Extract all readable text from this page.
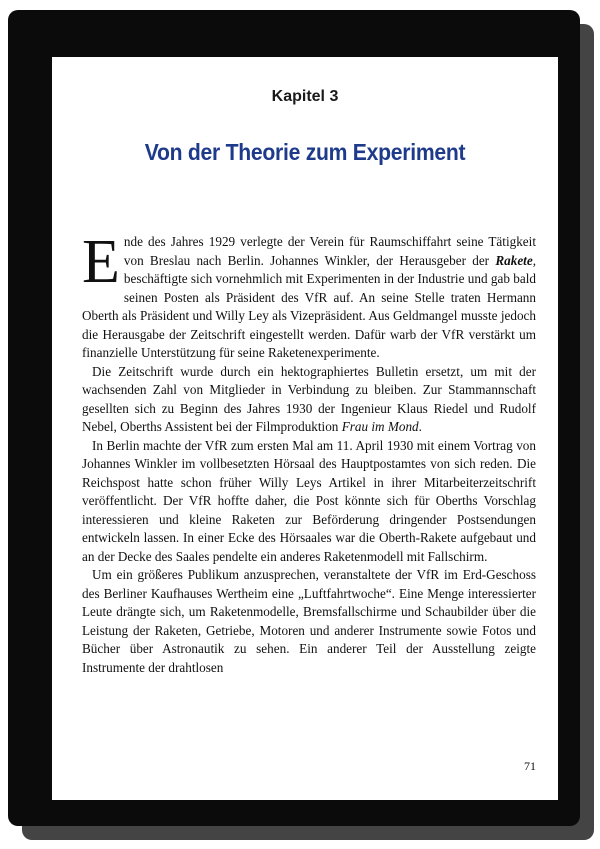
Kapitel 3
Von der Theorie zum Experiment

Ende des Jahres 1929 verlegte der Verein für Raumschiffahrt seine Tätigkeit von Breslau nach Berlin. Johannes Winkler, der Herausgeber der Rakete, beschäftigte sich vornehmlich mit Experimenten in der Industrie und gab bald seinen Posten als Präsident des VfR auf. An seine Stelle traten Hermann Oberth als Präsident und Willy Ley als Vizepräsident. Aus Geldmangel musste jedoch die Herausgabe der Zeitschrift eingestellt werden. Dafür warb der VfR verstärkt um finanzielle Unterstützung für seine Raketenexperimente.

Die Zeitschrift wurde durch ein hektographiertes Bulletin ersetzt, um mit der wachsenden Zahl von Mitglieder in Verbindung zu bleiben. Zur Stammannschaft gesellten sich zu Beginn des Jahres 1930 der Ingenieur Klaus Riedel und Rudolf Nebel, Oberths Assistent bei der Filmproduktion Frau im Mond.

In Berlin machte der VfR zum ersten Mal am 11. April 1930 mit einem Vortrag von Johannes Winkler im vollbesetzten Hörsaal des Hauptpostamtes von sich reden. Die Reichspost hatte schon früher Willy Leys Artikel in ihrer Mitarbeiterzeitschrift veröffentlicht. Der VfR hoffte daher, die Post könnte sich für Oberths Vorschlag interessieren und kleine Raketen zur Beförderung dringender Postsendungen entwickeln lassen. In einer Ecke des Hörsaales war die Oberth-Rakete aufgebaut und an der Decke des Saales pendelte ein anderes Raketenmodell mit Fallschirm.

Um ein größeres Publikum anzusprechen, veranstaltete der VfR im Erd-Geschoss des Berliner Kaufhauses Wertheim eine „Luftfahrtwoche“. Eine Menge interessierter Leute drängte sich, um Raketenmodelle, Bremsfallschirme und Schaubilder über die Leistung der Raketen, Getriebe, Motoren und anderer Instrumente sowie Fotos und Bücher über Astronautik zu sehen. Ein anderer Teil der Ausstellung zeigte Instrumente der drahtlosen

71
